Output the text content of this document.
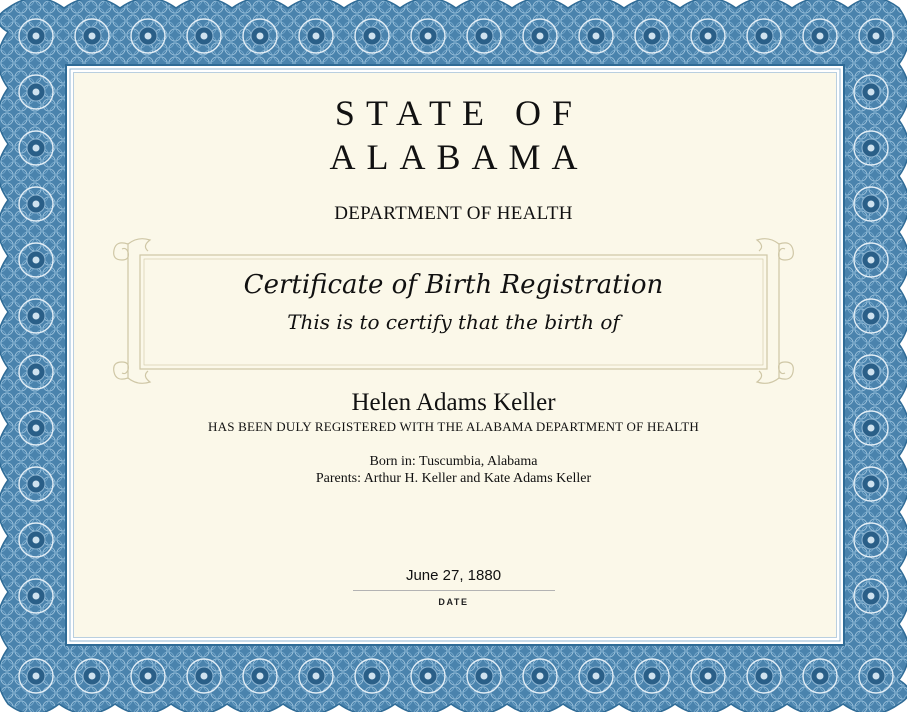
STATE OF
ALABAMA
DEPARTMENT OF HEALTH
Certificate of Birth Registration
This is to certify that the birth of
Helen Adams Keller
HAS BEEN DULY REGISTERED WITH THE ALABAMA DEPARTMENT OF HEALTH
Born in: Tuscumbia, Alabama
Parents: Arthur H. Keller and Kate Adams Keller
June 27, 1880
DATE
